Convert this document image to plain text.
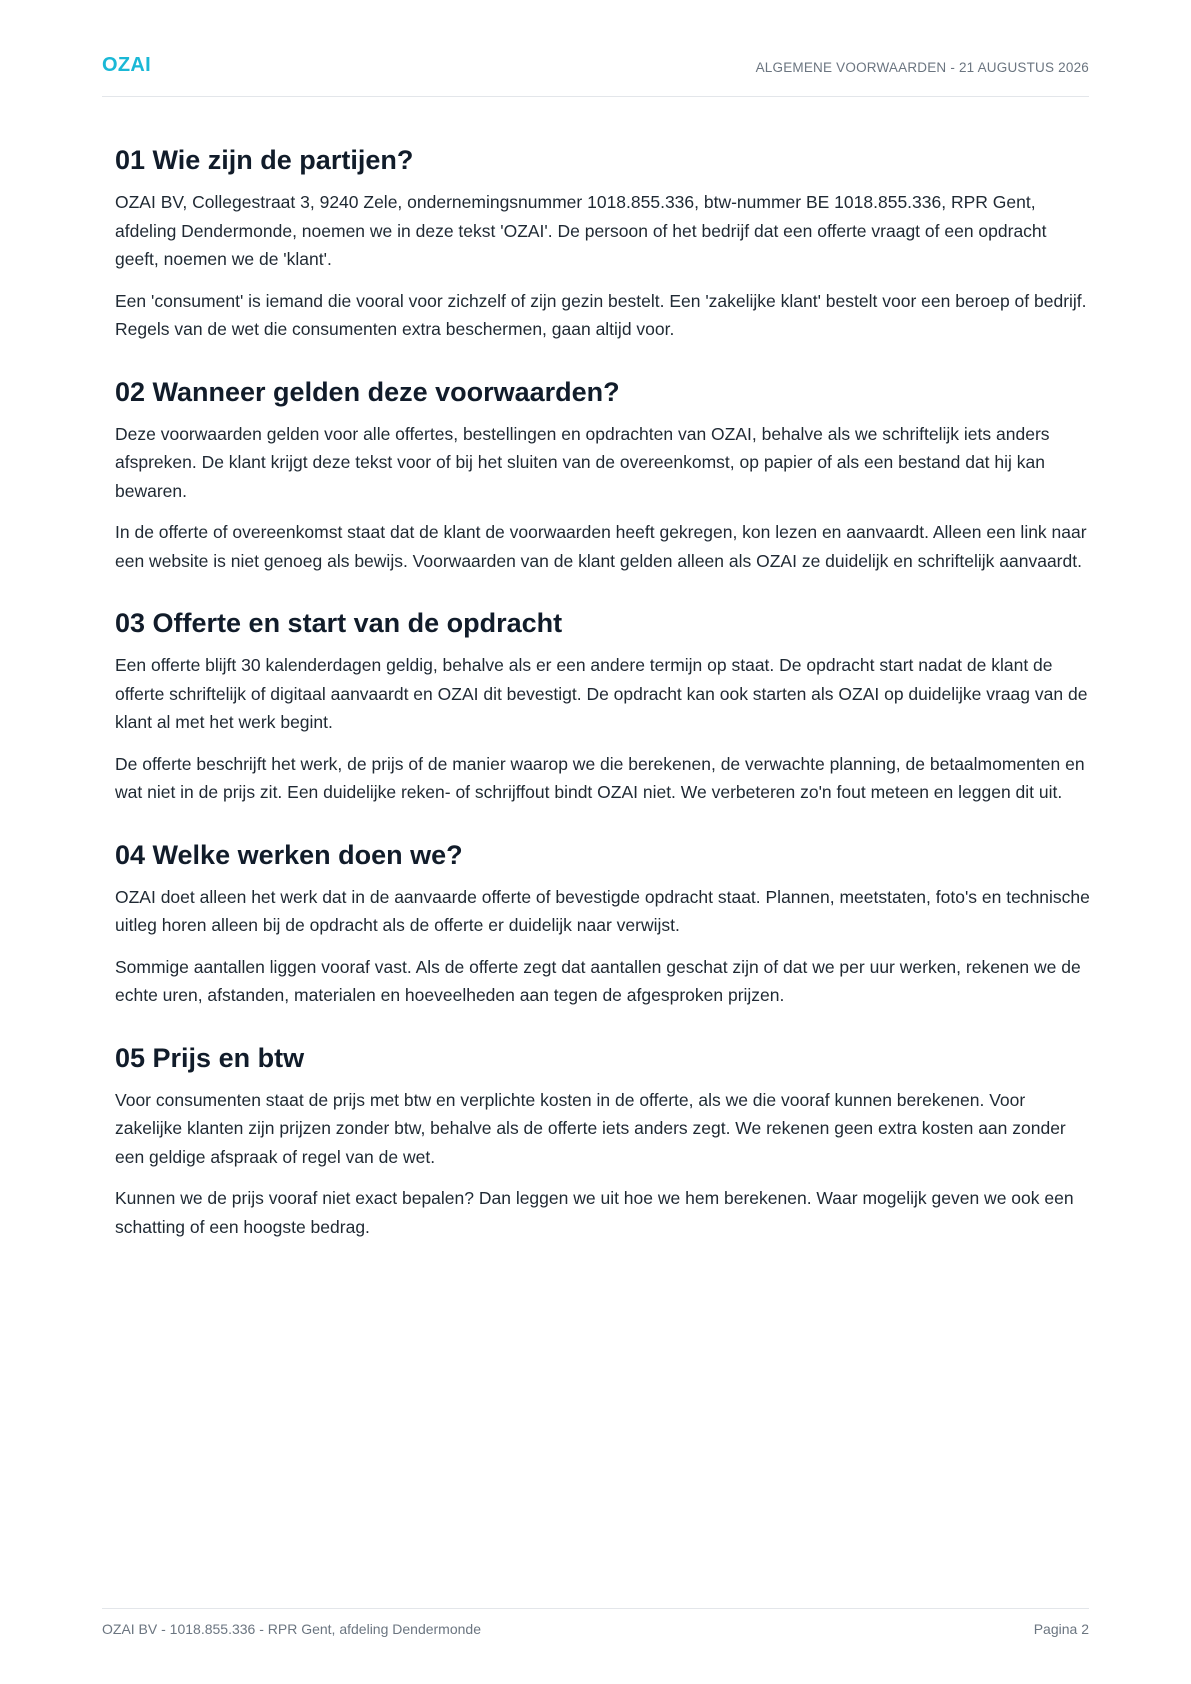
OZAI	ALGEMENE VOORWAARDEN - 21 AUGUSTUS 2026
01 Wie zijn de partijen?

OZAI BV, Collegestraat 3, 9240 Zele, ondernemingsnummer 1018.855.336, btw-nummer BE 1018.855.336, RPR Gent, afdeling Dendermonde, noemen we in deze tekst 'OZAI'. De persoon of het bedrijf dat een offerte vraagt of een opdracht geeft, noemen we de 'klant'.

Een 'consument' is iemand die vooral voor zichzelf of zijn gezin bestelt. Een 'zakelijke klant' bestelt voor een beroep of bedrijf. Regels van de wet die consumenten extra beschermen, gaan altijd voor.

02 Wanneer gelden deze voorwaarden?

Deze voorwaarden gelden voor alle offertes, bestellingen en opdrachten van OZAI, behalve als we schriftelijk iets anders afspreken. De klant krijgt deze tekst voor of bij het sluiten van de overeenkomst, op papier of als een bestand dat hij kan bewaren.

In de offerte of overeenkomst staat dat de klant de voorwaarden heeft gekregen, kon lezen en aanvaardt. Alleen een link naar een website is niet genoeg als bewijs. Voorwaarden van de klant gelden alleen als OZAI ze duidelijk en schriftelijk aanvaardt.

03 Offerte en start van de opdracht

Een offerte blijft 30 kalenderdagen geldig, behalve als er een andere termijn op staat. De opdracht start nadat de klant de offerte schriftelijk of digitaal aanvaardt en OZAI dit bevestigt. De opdracht kan ook starten als OZAI op duidelijke vraag van de klant al met het werk begint.

De offerte beschrijft het werk, de prijs of de manier waarop we die berekenen, de verwachte planning, de betaalmomenten en wat niet in de prijs zit. Een duidelijke reken- of schrijffout bindt OZAI niet. We verbeteren zo'n fout meteen en leggen dit uit.

04 Welke werken doen we?

OZAI doet alleen het werk dat in de aanvaarde offerte of bevestigde opdracht staat. Plannen, meetstaten, foto's en technische uitleg horen alleen bij de opdracht als de offerte er duidelijk naar verwijst.

Sommige aantallen liggen vooraf vast. Als de offerte zegt dat aantallen geschat zijn of dat we per uur werken, rekenen we de echte uren, afstanden, materialen en hoeveelheden aan tegen de afgesproken prijzen.

05 Prijs en btw

Voor consumenten staat de prijs met btw en verplichte kosten in de offerte, als we die vooraf kunnen berekenen. Voor zakelijke klanten zijn prijzen zonder btw, behalve als de offerte iets anders zegt. We rekenen geen extra kosten aan zonder een geldige afspraak of regel van de wet.

Kunnen we de prijs vooraf niet exact bepalen? Dan leggen we uit hoe we hem berekenen. Waar mogelijk geven we ook een schatting of een hoogste bedrag.

OZAI BV - 1018.855.336 - RPR Gent, afdeling Dendermonde	Pagina 2
